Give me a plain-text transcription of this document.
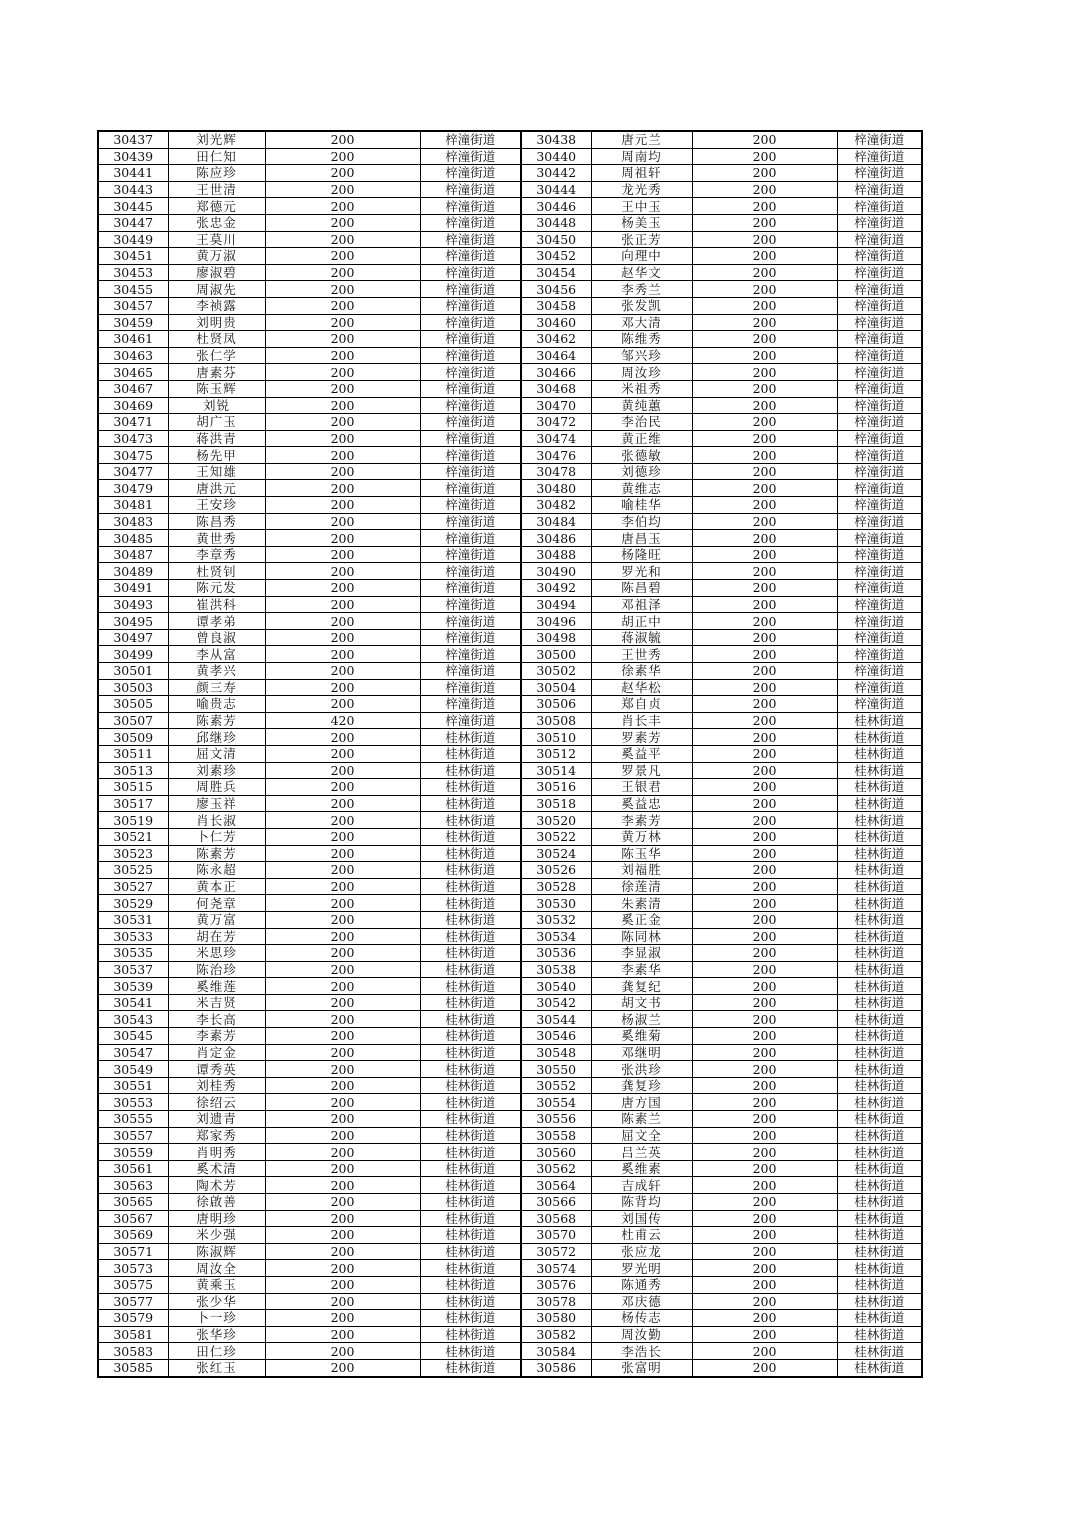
30437	刘光辉	200	梓潼街道	30438	唐元兰	200	梓潼街道
30439	田仁知	200	梓潼街道	30440	周南均	200	梓潼街道
30441	陈应珍	200	梓潼街道	30442	周祖轩	200	梓潼街道
30443	王世清	200	梓潼街道	30444	龙光秀	200	梓潼街道
30445	郑德元	200	梓潼街道	30446	王中玉	200	梓潼街道
30447	张忠金	200	梓潼街道	30448	杨美玉	200	梓潼街道
30449	王莫川	200	梓潼街道	30450	张正芳	200	梓潼街道
30451	黄万淑	200	梓潼街道	30452	向理中	200	梓潼街道
30453	廖淑碧	200	梓潼街道	30454	赵华文	200	梓潼街道
30455	周淑先	200	梓潼街道	30456	李秀兰	200	梓潼街道
30457	李祯露	200	梓潼街道	30458	张发凯	200	梓潼街道
30459	刘明贵	200	梓潼街道	30460	邓大清	200	梓潼街道
30461	杜贤凤	200	梓潼街道	30462	陈维秀	200	梓潼街道
30463	张仁学	200	梓潼街道	30464	邹兴珍	200	梓潼街道
30465	唐素芬	200	梓潼街道	30466	周汝珍	200	梓潼街道
30467	陈玉辉	200	梓潼街道	30468	米祖秀	200	梓潼街道
30469	刘锐	200	梓潼街道	30470	黄纯蕙	200	梓潼街道
30471	胡广玉	200	梓潼街道	30472	李治民	200	梓潼街道
30473	蒋洪青	200	梓潼街道	30474	黄正维	200	梓潼街道
30475	杨先甲	200	梓潼街道	30476	张德敏	200	梓潼街道
30477	王知雄	200	梓潼街道	30478	刘德珍	200	梓潼街道
30479	唐洪元	200	梓潼街道	30480	黄维志	200	梓潼街道
30481	王安珍	200	梓潼街道	30482	喻桂华	200	梓潼街道
30483	陈昌秀	200	梓潼街道	30484	李伯均	200	梓潼街道
30485	黄世秀	200	梓潼街道	30486	唐昌玉	200	梓潼街道
30487	李章秀	200	梓潼街道	30488	杨隆旺	200	梓潼街道
30489	杜贤钊	200	梓潼街道	30490	罗光和	200	梓潼街道
30491	陈元发	200	梓潼街道	30492	陈昌碧	200	梓潼街道
30493	崔洪科	200	梓潼街道	30494	邓祖泽	200	梓潼街道
30495	谭孝弟	200	梓潼街道	30496	胡正中	200	梓潼街道
30497	曾良淑	200	梓潼街道	30498	蒋淑毓	200	梓潼街道
30499	李从富	200	梓潼街道	30500	王世秀	200	梓潼街道
30501	黄孝兴	200	梓潼街道	30502	徐素华	200	梓潼街道
30503	颜三寿	200	梓潼街道	30504	赵华松	200	梓潼街道
30505	喻贵志	200	梓潼街道	30506	郑自贞	200	梓潼街道
30507	陈素芳	420	梓潼街道	30508	肖长丰	200	桂林街道
30509	邱继珍	200	桂林街道	30510	罗素芳	200	桂林街道
30511	屈文清	200	桂林街道	30512	奚益平	200	桂林街道
30513	刘素珍	200	桂林街道	30514	罗景凡	200	桂林街道
30515	周胜兵	200	桂林街道	30516	王银君	200	桂林街道
30517	廖玉祥	200	桂林街道	30518	奚益忠	200	桂林街道
30519	肖长淑	200	桂林街道	30520	李素芳	200	桂林街道
30521	卜仁芳	200	桂林街道	30522	黄万林	200	桂林街道
30523	陈素芳	200	桂林街道	30524	陈玉华	200	桂林街道
30525	陈永超	200	桂林街道	30526	刘福胜	200	桂林街道
30527	黄本正	200	桂林街道	30528	徐莲清	200	桂林街道
30529	何尧章	200	桂林街道	30530	朱素清	200	桂林街道
30531	黄万富	200	桂林街道	30532	奚正金	200	桂林街道
30533	胡在芳	200	桂林街道	30534	陈同林	200	桂林街道
30535	米思珍	200	桂林街道	30536	李显淑	200	桂林街道
30537	陈治珍	200	桂林街道	30538	李素华	200	桂林街道
30539	奚维莲	200	桂林街道	30540	龚复纪	200	桂林街道
30541	米吉贤	200	桂林街道	30542	胡文书	200	桂林街道
30543	李长高	200	桂林街道	30544	杨淑兰	200	桂林街道
30545	李素芳	200	桂林街道	30546	奚维菊	200	桂林街道
30547	肖定金	200	桂林街道	30548	邓继明	200	桂林街道
30549	谭秀英	200	桂林街道	30550	张洪珍	200	桂林街道
30551	刘桂秀	200	桂林街道	30552	龚复珍	200	桂林街道
30553	徐绍云	200	桂林街道	30554	唐方国	200	桂林街道
30555	刘遗青	200	桂林街道	30556	陈素兰	200	桂林街道
30557	郑家秀	200	桂林街道	30558	屈文全	200	桂林街道
30559	肖明秀	200	桂林街道	30560	吕兰英	200	桂林街道
30561	奚术清	200	桂林街道	30562	奚维素	200	桂林街道
30563	陶术芳	200	桂林街道	30564	吉成轩	200	桂林街道
30565	徐啟善	200	桂林街道	30566	陈背均	200	桂林街道
30567	唐明珍	200	桂林街道	30568	刘国传	200	桂林街道
30569	米少强	200	桂林街道	30570	杜甫云	200	桂林街道
30571	陈淑辉	200	桂林街道	30572	张应龙	200	桂林街道
30573	周汝全	200	桂林街道	30574	罗光明	200	桂林街道
30575	黄乘玉	200	桂林街道	30576	陈通秀	200	桂林街道
30577	张少华	200	桂林街道	30578	邓庆德	200	桂林街道
30579	卜一珍	200	桂林街道	30580	杨传志	200	桂林街道
30581	张华珍	200	桂林街道	30582	周汝勤	200	桂林街道
30583	田仁珍	200	桂林街道	30584	李浩长	200	桂林街道
30585	张红玉	200	桂林街道	30586	张富明	200	桂林街道
